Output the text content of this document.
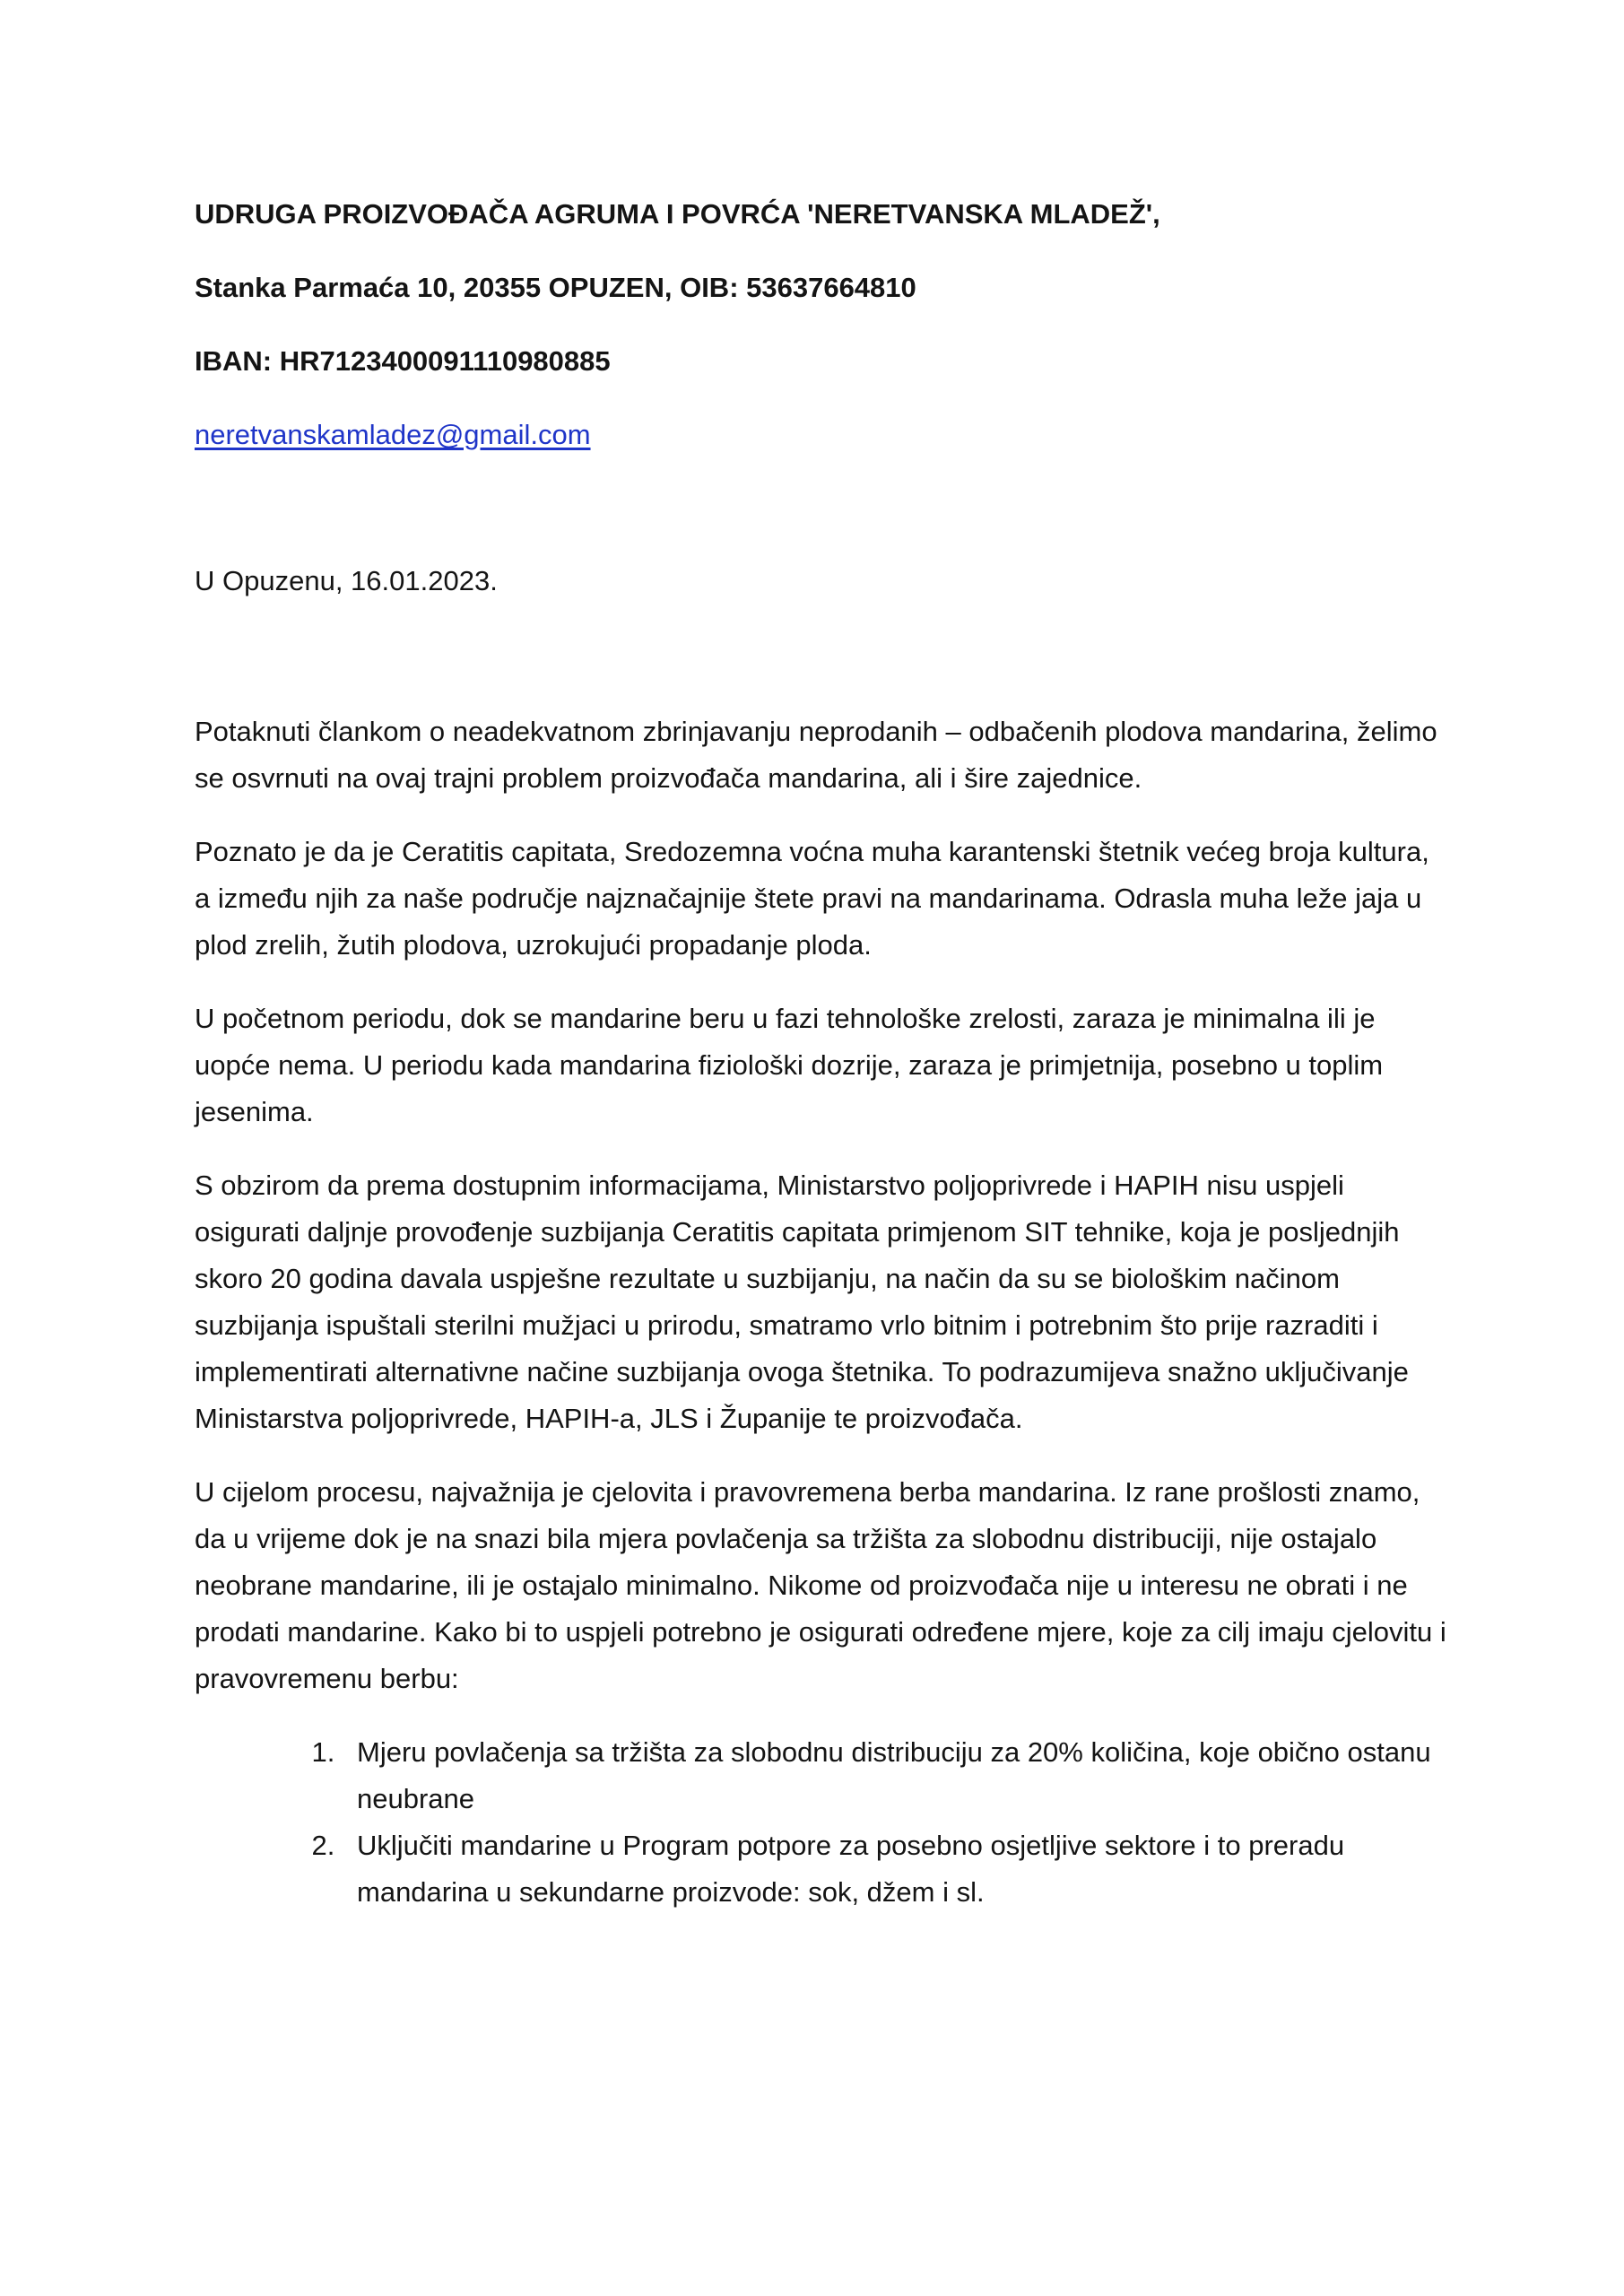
UDRUGA PROIZVOĐAČA AGRUMA I POVRĆA 'NERETVANSKA MLADEŽ',

Stanka Parmaća 10, 20355 OPUZEN, OIB: 53637664810

IBAN: HR7123400091110980885

neretvanskamladez@gmail.com

U Opuzenu, 16.01.2023.

Potaknuti člankom o neadekvatnom zbrinjavanju neprodanih – odbačenih plodova mandarina, želimo se osvrnuti na ovaj trajni problem proizvođača mandarina, ali i šire zajednice.

Poznato je da je Ceratitis capitata, Sredozemna voćna muha karantenski štetnik većeg broja kultura, a između njih za naše područje najznačajnije štete pravi na mandarinama. Odrasla muha leže jaja u plod zrelih, žutih plodova, uzrokujući propadanje ploda.

U početnom periodu, dok se mandarine beru u fazi tehnološke zrelosti, zaraza je minimalna ili je uopće nema. U periodu kada mandarina fiziološki dozrije, zaraza je primjetnija, posebno u toplim jesenima.

S obzirom da prema dostupnim informacijama, Ministarstvo poljoprivrede i HAPIH nisu uspjeli osigurati daljnje provođenje suzbijanja Ceratitis capitata primjenom SIT tehnike, koja je posljednjih skoro 20 godina davala uspješne rezultate u suzbijanju, na način da su se biološkim načinom suzbijanja ispuštali sterilni mužjaci u prirodu, smatramo vrlo bitnim i potrebnim što prije razraditi i implementirati alternativne načine suzbijanja ovoga štetnika. To podrazumijeva snažno uključivanje Ministarstva poljoprivrede, HAPIH-a, JLS i Županije te proizvođača.

U cijelom procesu, najvažnija je cjelovita i pravovremena berba mandarina. Iz rane prošlosti znamo, da u vrijeme dok je na snazi bila mjera povlačenja sa tržišta za slobodnu distribuciji, nije ostajalo neobrane mandarine, ili je ostajalo minimalno. Nikome od proizvođača nije u interesu ne obrati i ne prodati mandarine. Kako bi to uspjeli potrebno je osigurati određene mjere, koje za cilj imaju cjelovitu i pravovremenu berbu:

1. Mjeru povlačenja sa tržišta za slobodnu distribuciju za 20% količina, koje obično ostanu neubrane
2. Uključiti mandarine u Program potpore za posebno osjetljive sektore i to preradu mandarina u sekundarne proizvode: sok, džem i sl.
